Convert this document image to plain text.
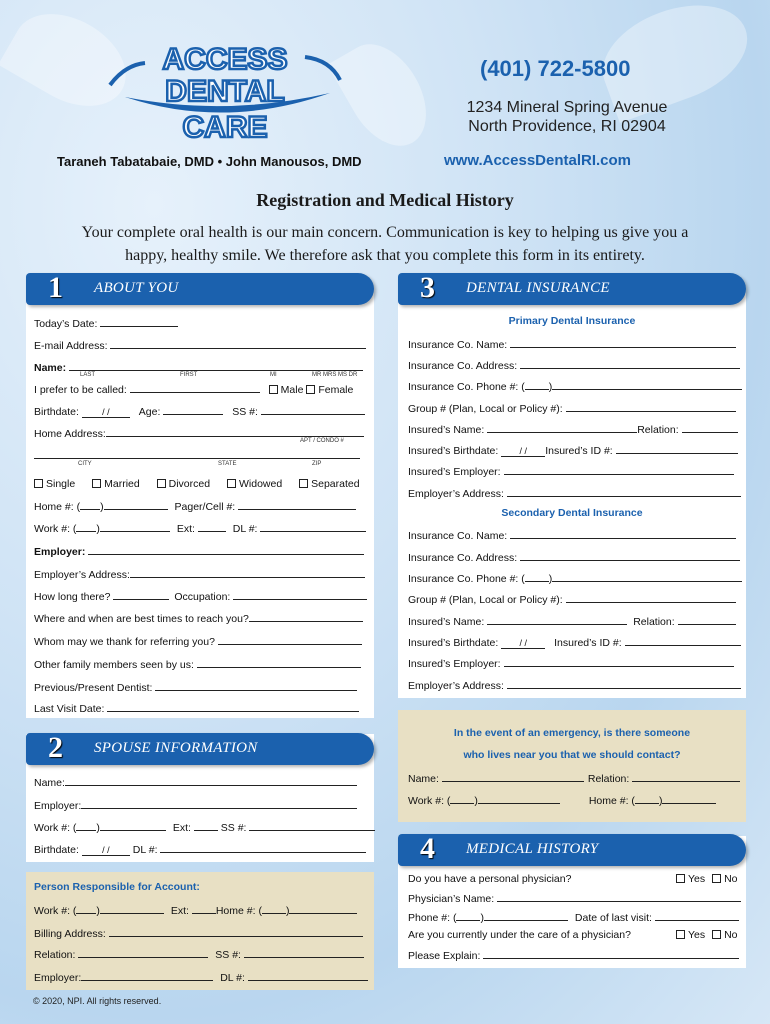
ACCESS
DENTAL
CARE
(401) 722-5800
1234 Mineral Spring Avenue
North Providence, RI 02904
Taraneh Tabatabaie, DMD • John Manousos, DMD	www.AccessDentalRI.com
Registration and Medical History
Your complete oral health is our main concern. Communication is key to helping us give you a happy, healthy smile. We therefore ask that you complete this form in its entirety.
1 ABOUT YOU	3 DENTAL INSURANCE
2 SPOUSE INFORMATION
4 MEDICAL HISTORY
Today’s Date:
E-mail Address:
Name:
LAST	FIRST	MI	MR MRS MS DR
I prefer to be called:	Male Female
Birthdate:	/ /	Age:	SS #:
Home Address:
APT / CONDO #
CITY	STATE	ZIP
Single	Married	Divorced	Widowed	Separated
Home #: ( )	Pager/Cell #:
Work #: ( )	Ext:	DL #:
Employer:
Employer’s Address:
How long there?	Occupation:
Where and when are best times to reach you?
Whom may we thank for referring you?
Other family members seen by us:
Previous/Present Dentist:
Last Visit Date:
Name:
Employer:
Work #: ( )	Ext:	SS #:
Birthdate:	/ / DL #:
Person Responsible for Account:
Work #: ( )	Ext:	Home #: ( )
Billing Address:
Relation:	SS #:
Employer:	DL #:
Primary Dental Insurance
Insurance Co. Name:
Insurance Co. Address:
Insurance Co. Phone #: ( )
Group # (Plan, Local or Policy #):
Insured’s Name:	Relation:
Insured’s Birthdate: / / Insured’s ID #:
Insured’s Employer:
Employer’s Address:
Secondary Dental Insurance
Insurance Co. Name:
Insurance Co. Address:
Insurance Co. Phone #: ( )
Group # (Plan, Local or Policy #):
Insured’s Name:	Relation:
Insured’s Birthdate: / /	Insured’s ID #:
Insured’s Employer:
Employer’s Address:
In the event of an emergency, is there someone
who lives near you that we should contact?
Name:	Relation:
Work #: ( )	Home #: ( )
Do you have a personal physician?	Yes No
Physician’s Name:
Phone #: ( )	Date of last visit:
Are you currently under the care of a physician?	Yes No
Please Explain:
© 2020, NPI. All rights reserved.
